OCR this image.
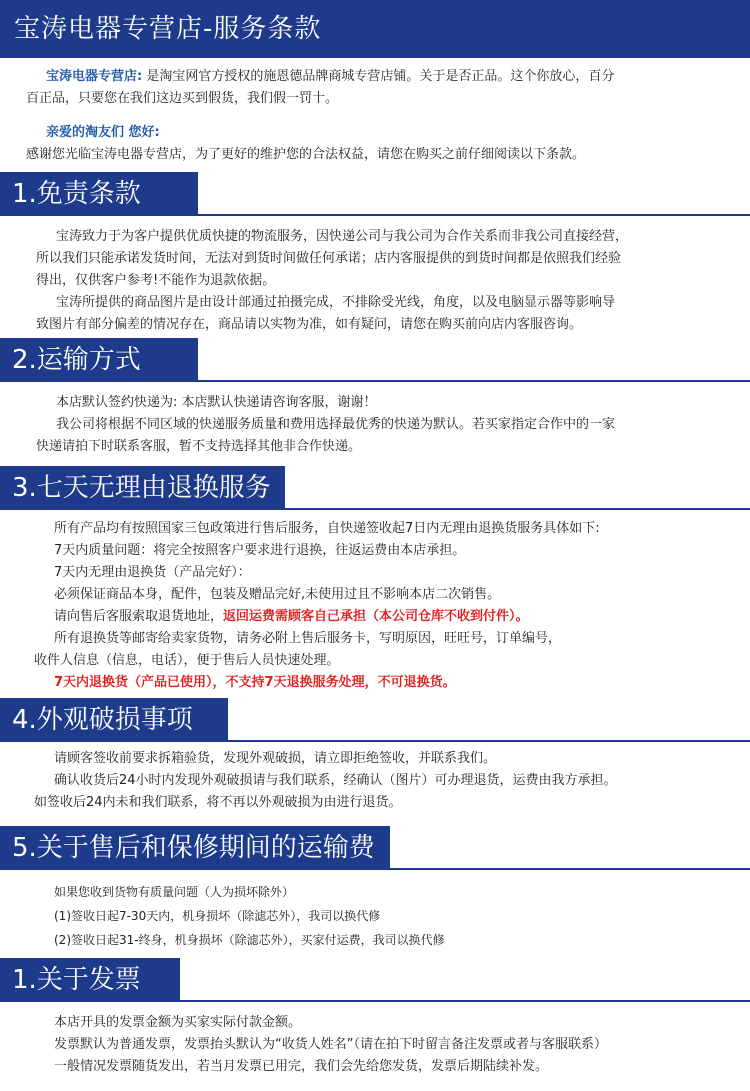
宝涛电器专营店-服务条款
宝涛电器专营店: 是淘宝网官方授权的施恩德品牌商城专营店铺。关于是否正品。这个你放心，百分
百正品，只要您在我们这边买到假货，我们假一罚十。
亲爱的淘友们 您好:
感谢您光临宝涛电器专营店，为了更好的维护您的合法权益，请您在购买之前仔细阅读以下条款。
1.免责条款
宝涛致力于为客户提供优质快捷的物流服务，因快递公司与我公司为合作关系而非我公司直接经营，
所以我们只能承诺发货时间，无法对到货时间做任何承诺；店内客服提供的到货时间都是依照我们经验
得出，仅供客户参考!不能作为退款依据。
宝涛所提供的商品图片是由设计部通过拍摄完成，不排除受光线，角度，以及电脑显示器等影响导
致图片有部分偏差的情况存在，商品请以实物为准，如有疑问，请您在购买前向店内客服咨询。
2.运输方式
本店默认签约快递为: 本店默认快递请咨询客服，谢谢！
我公司将根据不同区域的快递服务质量和费用选择最优秀的快递为默认。若买家指定合作中的一家
快递请拍下时联系客服，暂不支持选择其他非合作快递。
3.七天无理由退换服务
所有产品均有按照国家三包政策进行售后服务，自快递签收起7日内无理由退换货服务具体如下:
7天内质量问题：将完全按照客户要求进行退换，往返运费由本店承担。
7天内无理由退换货（产品完好）：
必须保证商品本身，配件，包装及赠品完好,未使用过且不影响本店二次销售。
请向售后客服索取退货地址，返回运费需顾客自己承担（本公司仓库不收到付件）。
所有退换货等邮寄给卖家货物，请务必附上售后服务卡，写明原因，旺旺号，订单编号，
收件人信息（信息，电话），便于售后人员快速处理。
7天内退换货（产品已使用），不支持7天退换服务处理，不可退换货。
4.外观破损事项
请顾客签收前要求拆箱验货，发现外观破损，请立即拒绝签收，并联系我们。
确认收货后24小时内发现外观破损请与我们联系，经确认（图片）可办理退货，运费由我方承担。
如签收后24内未和我们联系，将不再以外观破损为由进行退货。
5.关于售后和保修期间的运输费
如果您收到货物有质量问题（人为损坏除外）
(1)签收日起7-30天内，机身损坏（除滤芯外），我司以换代修
(2)签收日起31-终身，机身损坏（除滤芯外），买家付运费，我司以换代修
1.关于发票
本店开具的发票金额为买家实际付款金额。
发票默认为普通发票，发票抬头默认为“收货人姓名”（请在拍下时留言备注发票或者与客服联系）
一般情况发票随货发出，若当月发票已用完，我们会先给您发货，发票后期陆续补发。
